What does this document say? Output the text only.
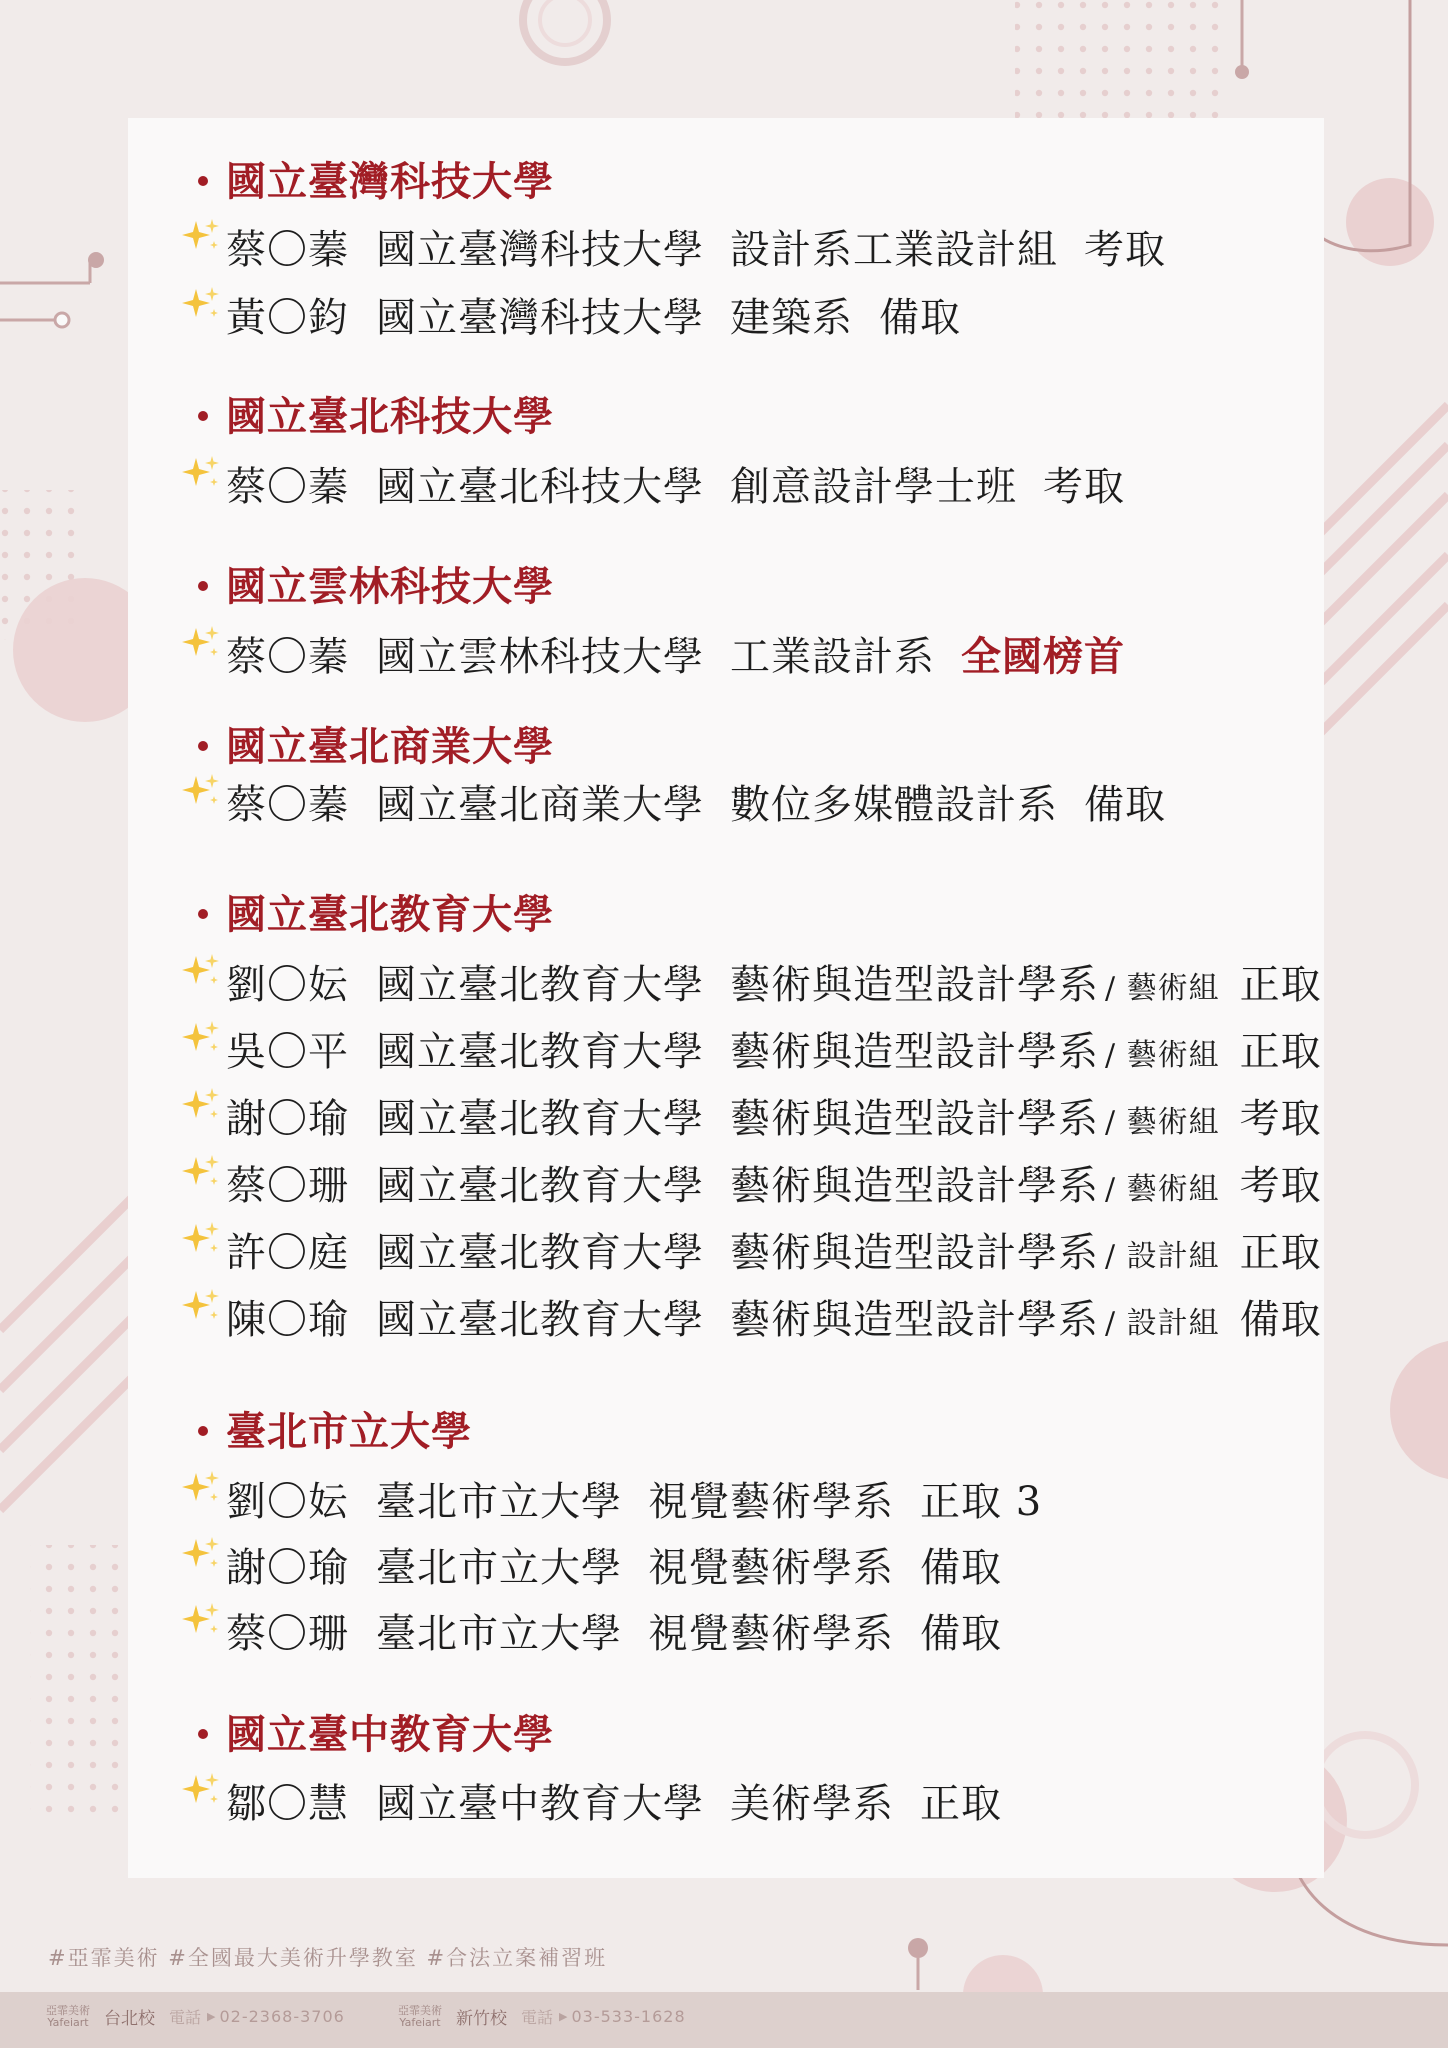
國立臺灣科技大學
蔡〇蓁 國立臺灣科技大學 設計系工業設計組 考取
黃〇鈞 國立臺灣科技大學 建築系 備取
國立臺北科技大學
蔡〇蓁 國立臺北科技大學 創意設計學士班 考取
國立雲林科技大學
蔡〇蓁 國立雲林科技大學 工業設計系 全國榜首
國立臺北商業大學
蔡〇蓁 國立臺北商業大學 數位多媒體設計系 備取
國立臺北教育大學
劉〇妘 國立臺北教育大學 藝術與造型設計學系 / 藝術組 正取
吳〇平 國立臺北教育大學 藝術與造型設計學系 / 藝術組 正取
謝〇瑜 國立臺北教育大學 藝術與造型設計學系 / 藝術組 考取
蔡〇珊 國立臺北教育大學 藝術與造型設計學系 / 藝術組 考取
許〇庭 國立臺北教育大學 藝術與造型設計學系 / 設計組 正取
陳〇瑜 國立臺北教育大學 藝術與造型設計學系 / 設計組 備取
臺北市立大學
劉〇妘 臺北市立大學 視覺藝術學系 正取 3
謝〇瑜 臺北市立大學 視覺藝術學系 備取
蔡〇珊 臺北市立大學 視覺藝術學系 備取
國立臺中教育大學
鄒〇慧 國立臺中教育大學 美術學系 正取
#亞霏美術 #全國最大美術升學教室 #合法立案補習班
亞霏美術
Yafeiart 台北校 電話 ▶ 02-2368-3706	亞霏美術
Yafeiart 新竹校 電話 ▶ 03-533-1628
